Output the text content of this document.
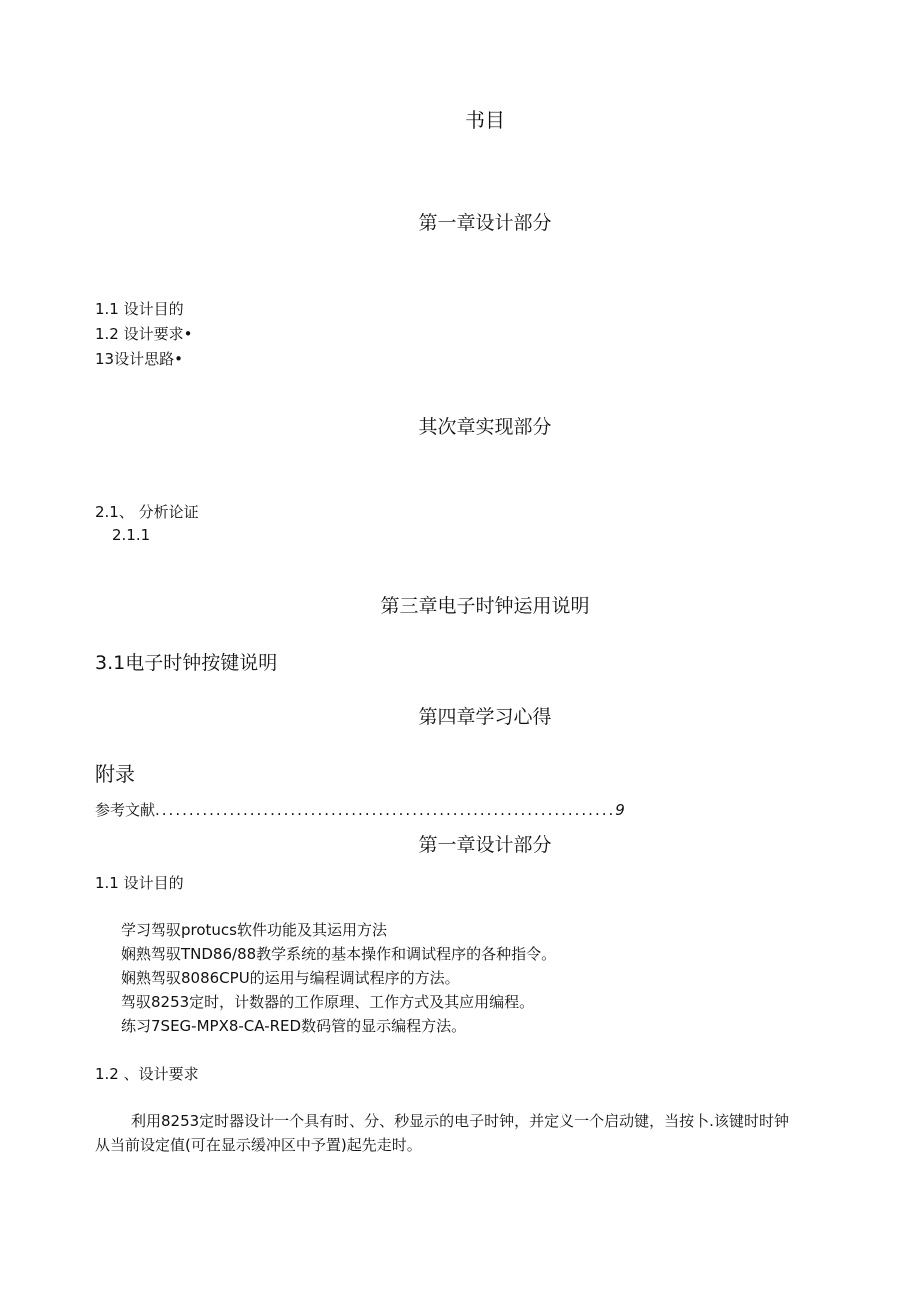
书目
第一章设计部分
1.1 设计目的
1.2 设计要求•
13设计思路•
其次章实现部分
2.1、 分析论证
2.1.1
第三章电子时钟运用说明
3.1电子时钟按键说明
第四章学习心得
附录
参考文献....................................................................9
第一章设计部分
1.1 设计目的
学习驾驭protucs软件功能及其运用方法
娴熟驾驭TND86/88教学系统的基本操作和调试程序的各种指令。
娴熟驾驭8086CPU的运用与编程调试程序的方法。
驾驭8253定时，计数器的工作原理、工作方式及其应用编程。
练习7SEG-MPX8-CA-RED数码管的显示编程方法。
1.2 、设计要求
利用8253定时器设计一个具有时、分、秒显示的电子时钟，并定义一个启动键，当按卜.该键时时钟
从当前设定值(可在显示缓冲区中予置)起先走时。
